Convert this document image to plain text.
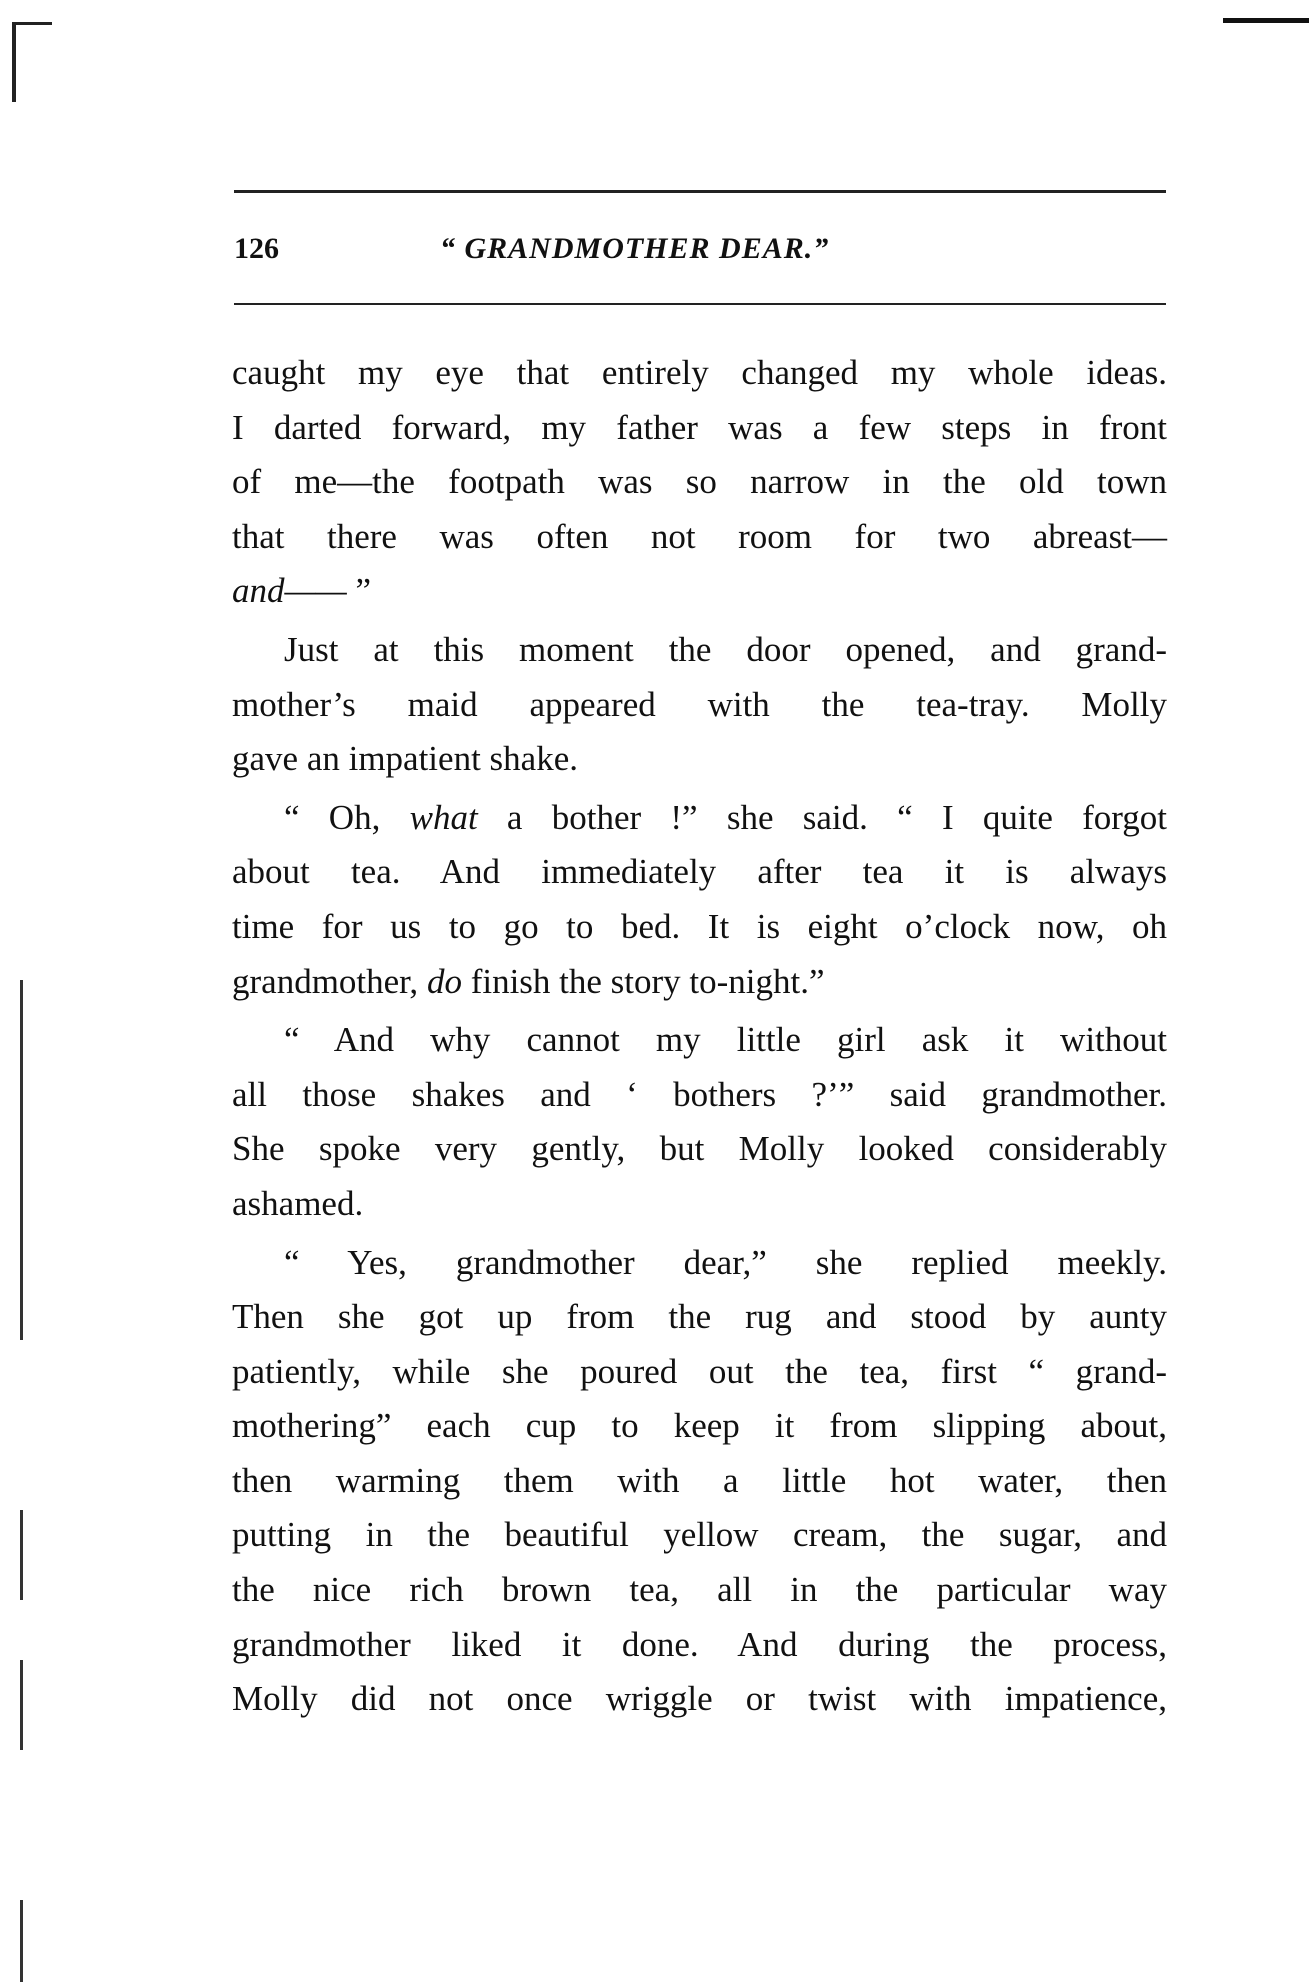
126	“ GRANDMOTHER DEAR.”
caught my eye that entirely changed my whole ideas.
I darted forward, my father was a few steps in front
of me—the footpath was so narrow in the old town
that there was often not room for two abreast—
and—— ”
Just at this moment the door opened, and grand-
mother’s maid appeared with the tea-tray. Molly
gave an impatient shake.
“ Oh, what a bother !” she said. “ I quite forgot
about tea. And immediately after tea it is always
time for us to go to bed. It is eight o’clock now, oh
grandmother, do finish the story to-night.”
“ And why cannot my little girl ask it without
all those shakes and ‘ bothers ?’” said grandmother.
She spoke very gently, but Molly looked considerably
ashamed.
“ Yes, grandmother dear,” she replied meekly.
Then she got up from the rug and stood by aunty
patiently, while she poured out the tea, first “ grand-
mothering” each cup to keep it from slipping about,
then warming them with a little hot water, then
putting in the beautiful yellow cream, the sugar, and
the nice rich brown tea, all in the particular way
grandmother liked it done. And during the process,
Molly did not once wriggle or twist with impatience,
